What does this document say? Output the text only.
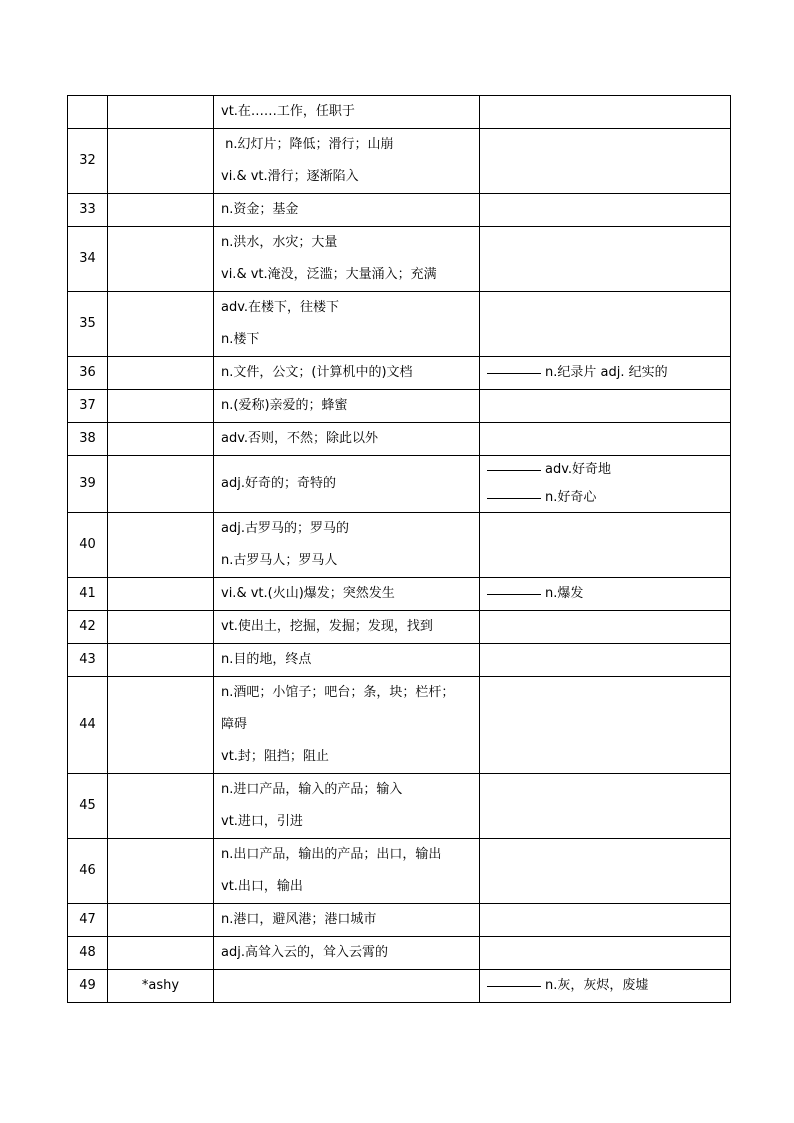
		vt.在……工作，任职于	

32		n.幻灯片；降低；滑行；山崩
vi.& vt.滑行；逐渐陷入	

33		n.资金；基金	

34		n.洪水，水灾；大量
vi.& vt.淹没，泛滥；大量涌入；充满	

35		adv.在楼下，往楼下
n.楼下	

36		n.文件，公文；(计算机中的)文档	n.纪录片 adj. 纪实的

37		n.(爱称)亲爱的；蜂蜜	

38		adv.否则，不然；除此以外	

39		adj.好奇的；奇特的	adv.好奇地
n.好奇心

40		adj.古罗马的；罗马的
n.古罗马人；罗马人	

41		vi.& vt.(火山)爆发；突然发生	n.爆发

42		vt.使出土，挖掘，发掘；发现，找到	

43		n.目的地，终点	

44		n.酒吧；小馆子；吧台；条，块；栏杆；
障碍
vt.封；阻挡；阻止	

45		n.进口产品，输入的产品；输入
vt.进口，引进	

46		n.出口产品，输出的产品；出口，输出
vt.出口，输出	

47		n.港口，避风港；港口城市	

48		adj.高耸入云的，耸入云霄的	

49	*ashy		n.灰，灰烬，废墟
